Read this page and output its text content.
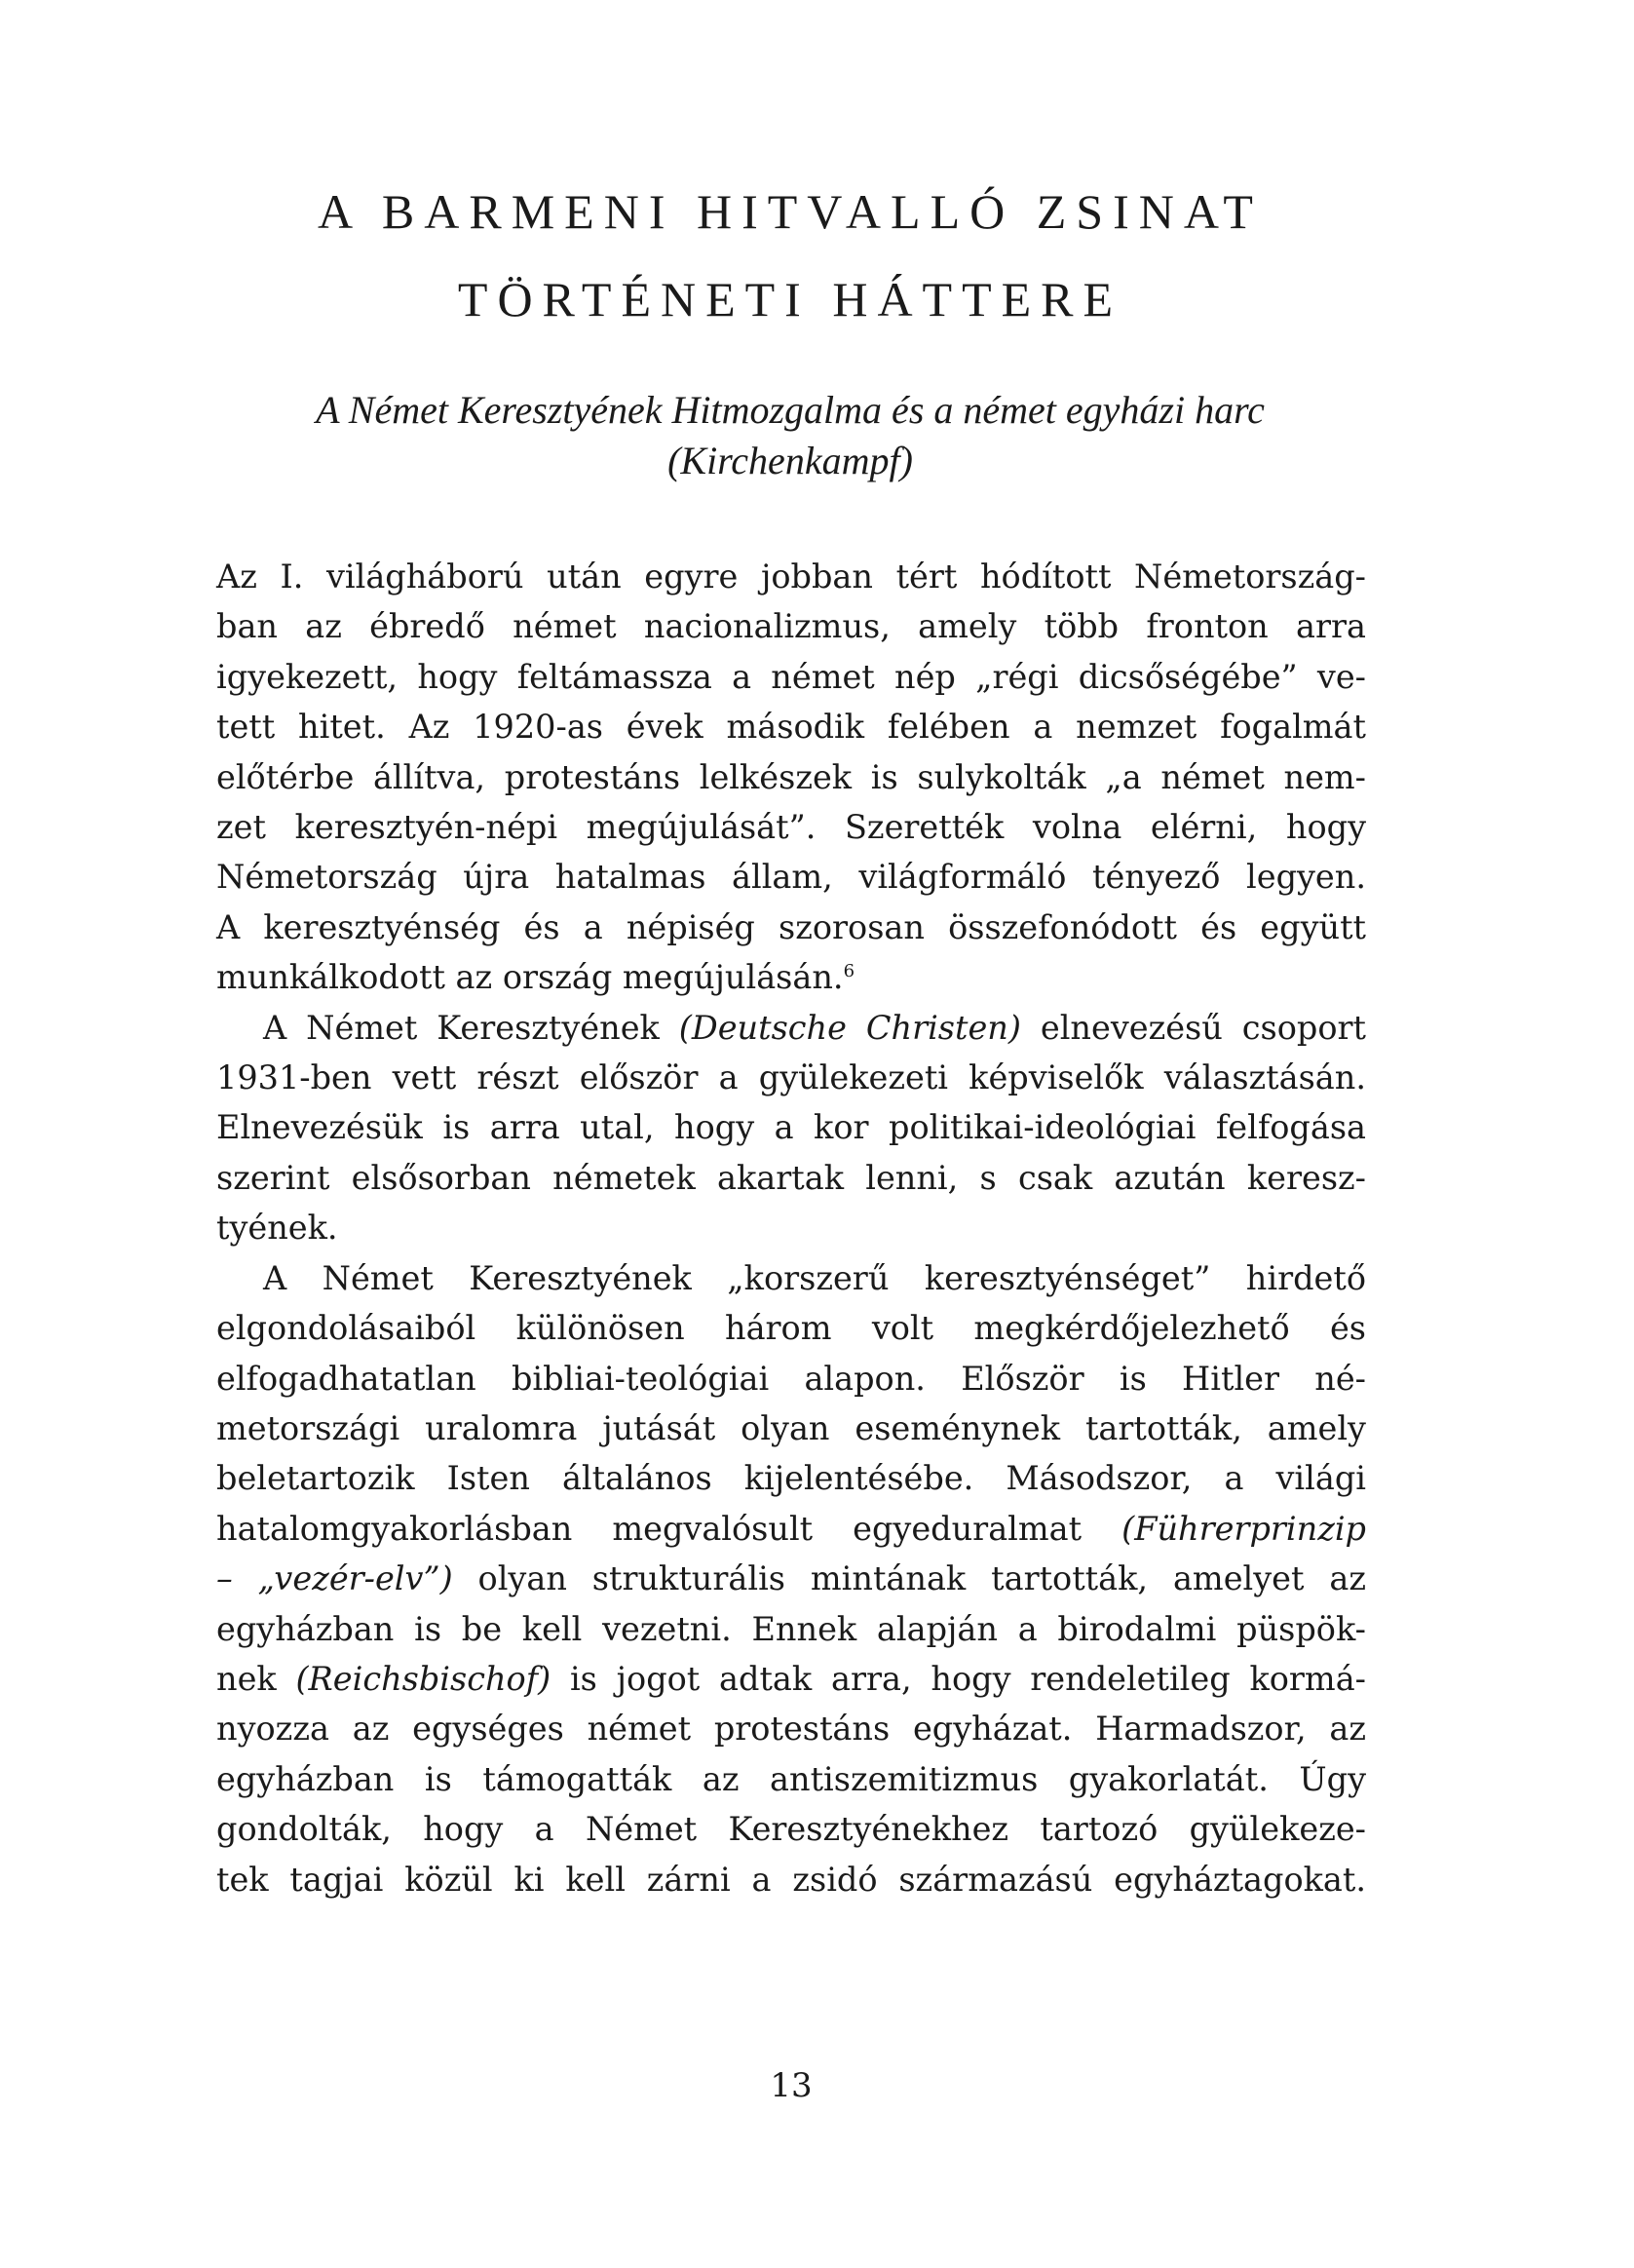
A BARMENI HITVALLÓ ZSINAT
TÖRTÉNETI HÁTTERE
A Német Keresztyének Hitmozgalma és a német egyházi harc
(Kirchenkampf)
Az I. világháború után egyre jobban tért hódított Németország-
ban az ébredő német nacionalizmus, amely több fronton arra
igyekezett, hogy feltámassza a német nép „régi dicsőségébe” ve-
tett hitet. Az 1920-as évek második felében a nemzet fogalmát
előtérbe állítva, protestáns lelkészek is sulykolták „a német nem-
zet keresztyén-népi megújulását”. Szerették volna elérni, hogy
Németország újra hatalmas állam, világformáló tényező legyen.
A keresztyénség és a népiség szorosan összefonódott és együtt
munkálkodott az ország megújulásán.$^6$
A Német Keresztyének (Deutsche Christen) elnevezésű csoport
1931-ben vett részt először a gyülekezeti képviselők választásán.
Elnevezésük is arra utal, hogy a kor politikai-ideológiai felfogása
szerint elsősorban németek akartak lenni, s csak azután keresz-
tyének.
A Német Keresztyének „korszerű keresztyénséget” hirdető
elgondolásaiból különösen három volt megkérdőjelezhető és
elfogadhatatlan bibliai-teológiai alapon. Először is Hitler né-
metországi uralomra jutását olyan eseménynek tartották, amely
beletartozik Isten általános kijelentésébe. Másodszor, a világi
hatalomgyakorlásban megvalósult egyeduralmat (Führerprinzip
– „vezér-elv”) olyan strukturális mintának tartották, amelyet az
egyházban is be kell vezetni. Ennek alapján a birodalmi püspök-
nek (Reichsbischof) is jogot adtak arra, hogy rendeletileg kormá-
nyozza az egységes német protestáns egyházat. Harmadszor, az
egyházban is támogatták az antiszemitizmus gyakorlatát. Úgy
gondolták, hogy a Német Keresztyénekhez tartozó gyülekeze-
tek tagjai közül ki kell zárni a zsidó származású egyháztagokat.
13
